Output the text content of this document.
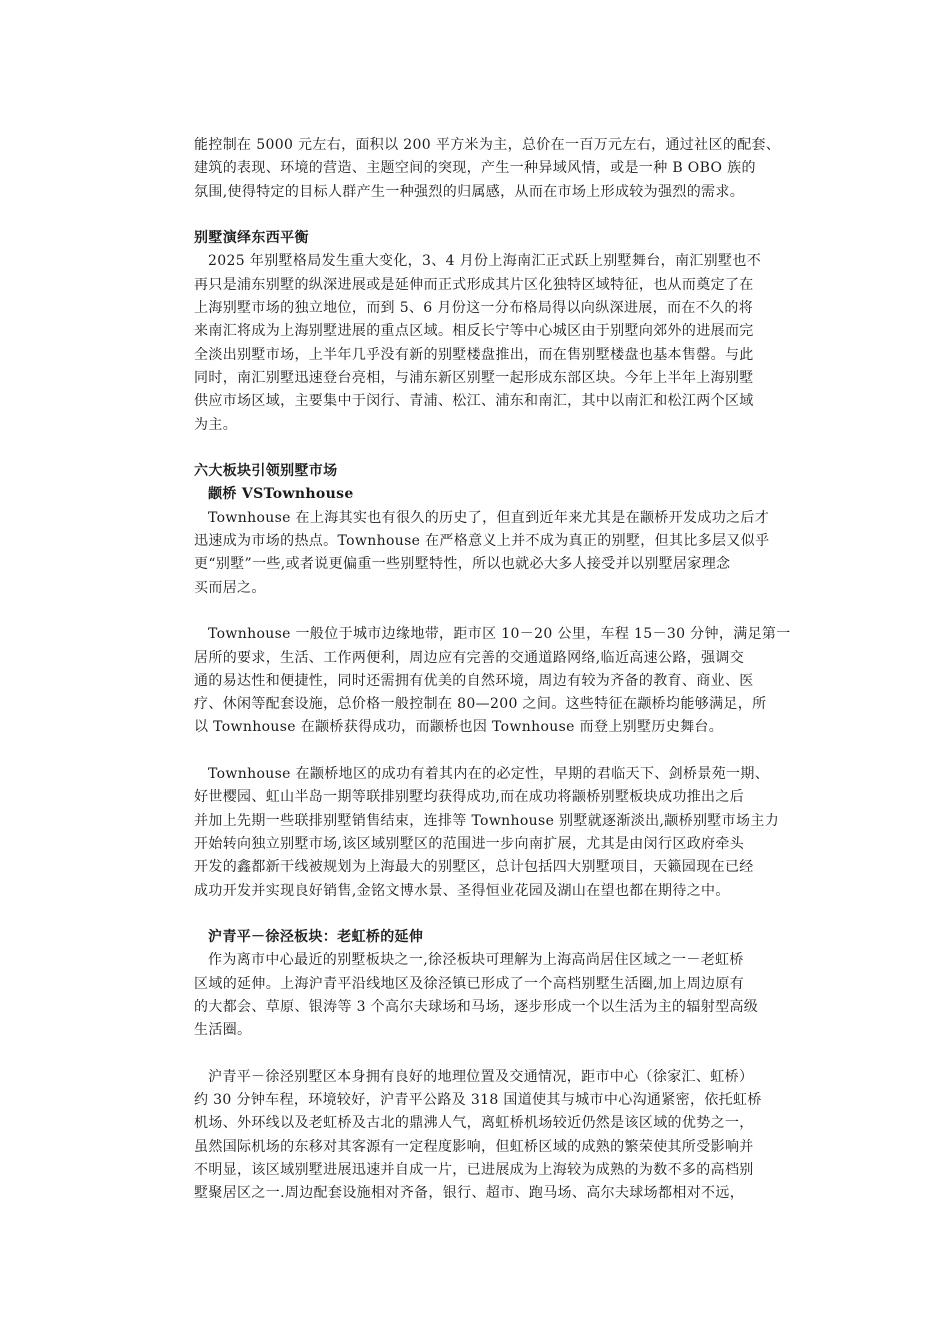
能控制在 5000 元左右，面积以 200 平方米为主，总价在一百万元左右，通过社区的配套、
建筑的表现、环境的营造、主题空间的突现，产生一种异域风情，或是一种 B OBO 族的
氛围,使得特定的目标人群产生一种强烈的归属感，从而在市场上形成较为强烈的需求。
别墅演绎东西平衡
2025 年别墅格局发生重大变化，3、4 月份上海南汇正式跃上别墅舞台，南汇别墅也不
再只是浦东别墅的纵深进展或是延伸而正式形成其片区化独特区域特征，也从而奠定了在
上海别墅市场的独立地位，而到 5、6 月份这一分布格局得以向纵深进展，而在不久的将
来南汇将成为上海别墅进展的重点区域。相反长宁等中心城区由于别墅向郊外的进展而完
全淡出别墅市场，上半年几乎没有新的别墅楼盘推出，而在售别墅楼盘也基本售罄。与此
同时，南汇别墅迅速登台亮相，与浦东新区别墅一起形成东部区块。今年上半年上海别墅
供应市场区域，主要集中于闵行、青浦、松江、浦东和南汇，其中以南汇和松江两个区域
为主。
六大板块引领别墅市场
颛桥 VSTownhouse
Townhouse 在上海其实也有很久的历史了，但直到近年来尤其是在颛桥开发成功之后才
迅速成为市场的热点。Townhouse 在严格意义上并不成为真正的别墅，但其比多层又似乎
更“别墅”一些,或者说更偏重一些别墅特性，所以也就必大多人接受并以别墅居家理念
买而居之。
Townhouse 一般位于城市边缘地带，距市区 10－20 公里，车程 15－30 分钟，满足第一
居所的要求，生活、工作两便利，周边应有完善的交通道路网络,临近高速公路，强调交
通的易达性和便捷性，同时还需拥有优美的自然环境，周边有较为齐备的教育、商业、医
疗、休闲等配套设施，总价格一般控制在 80—200 之间。这些特征在颛桥均能够满足，所
以 Townhouse 在颛桥获得成功，而颛桥也因 Townhouse 而登上别墅历史舞台。
Townhouse 在颛桥地区的成功有着其内在的必定性，早期的君临天下、剑桥景苑一期、
好世樱园、虹山半岛一期等联排别墅均获得成功,而在成功将颛桥别墅板块成功推出之后
并加上先期一些联排别墅销售结束，连排等 Townhouse 别墅就逐渐淡出,颛桥别墅市场主力
开始转向独立别墅市场,该区域别墅区的范围进一步向南扩展，尤其是由闵行区政府牵头
开发的鑫都新干线被规划为上海最大的别墅区，总计包括四大别墅项目，天籁园现在已经
成功开发并实现良好销售,金铭文博水景、圣得恒业花园及湖山在望也都在期待之中。
沪青平－徐泾板块：老虹桥的延伸
作为离市中心最近的别墅板块之一,徐泾板块可理解为上海高尚居住区域之一－老虹桥
区域的延伸。上海沪青平沿线地区及徐泾镇已形成了一个高档别墅生活圈,加上周边原有
的大都会、草原、银涛等 3 个高尔夫球场和马场，逐步形成一个以生活为主的辐射型高级
生活圈。
沪青平－徐泾别墅区本身拥有良好的地理位置及交通情况，距市中心（徐家汇、虹桥）
约 30 分钟车程，环境较好，沪青平公路及 318 国道使其与城市中心沟通紧密，依托虹桥
机场、外环线以及老虹桥及古北的鼎沸人气，离虹桥机场较近仍然是该区域的优势之一，
虽然国际机场的东移对其客源有一定程度影响，但虹桥区域的成熟的繁荣使其所受影响并
不明显，该区域别墅进展迅速并自成一片，已进展成为上海较为成熟的为数不多的高档别
墅聚居区之一.周边配套设施相对齐备，银行、超市、跑马场、高尔夫球场都相对不远，
